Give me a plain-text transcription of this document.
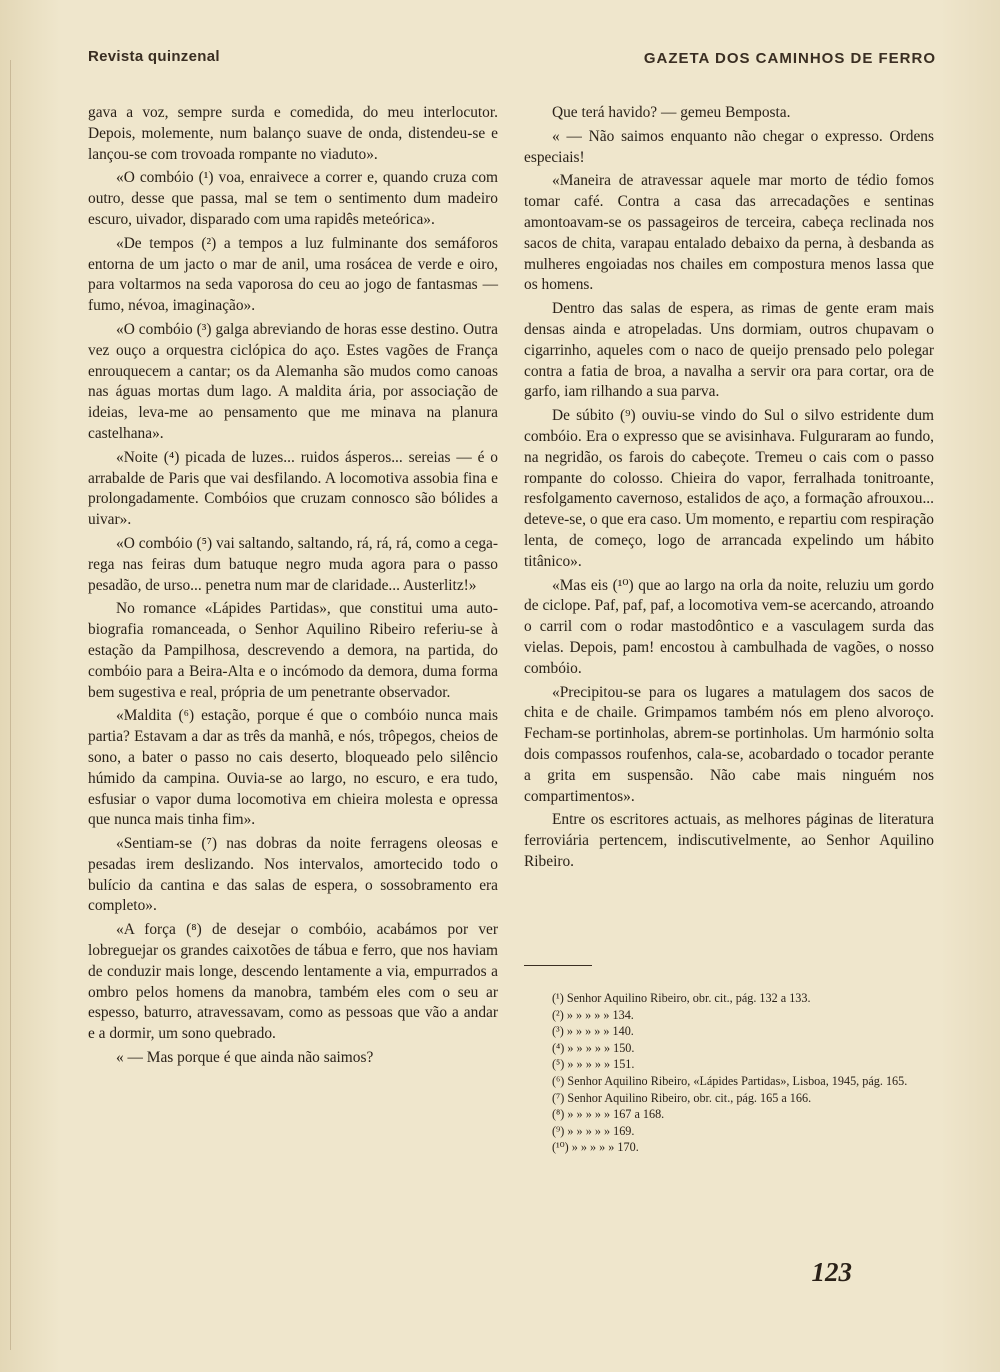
Revista quinzenal	GAZETA DOS CAMINHOS DE FERRO

gava a voz, sempre surda e comedida, do meu interlocutor. Depois, molemente, num balanço suave de onda, distendeu-se e lançou-se com trovoada rompante no viaduto».

«O combóio (¹) voa, enraivece a correr e, quando cruza com outro, desse que passa, mal se tem o sentimento dum madeiro escuro, uivador, disparado com uma rapidês meteórica».

«De tempos (²) a tempos a luz fulminante dos semáforos entorna de um jacto o mar de anil, uma rosácea de verde e oiro, para voltarmos na seda vaporosa do ceu ao jogo de fantasmas — fumo, névoa, imaginação».

«O combóio (³) galga abreviando de horas esse destino. Outra vez ouço a orquestra ciclópica do aço. Estes vagões de França enrouquecem a cantar; os da Alemanha são mudos como canoas nas águas mortas dum lago. A maldita ária, por associação de ideias, leva-me ao pensamento que me minava na planura castelhana».

«Noite (⁴) picada de luzes... ruidos ásperos... sereias — é o arrabalde de Paris que vai desfilando. A locomotiva assobia fina e prolongadamente. Combóios que cruzam connosco são bólides a uivar».

«O combóio (⁵) vai saltando, saltando, rá, rá, rá, como a cega-rega nas feiras dum batuque negro muda agora para o passo pesadão, de urso... penetra num mar de claridade... Austerlitz!»

No romance «Lápides Partidas», que constitui uma auto-biografia romanceada, o Senhor Aquilino Ribeiro referiu-se à estação da Pampilhosa, descrevendo a demora, na partida, do combóio para a Beira-Alta e o incómodo da demora, duma forma bem sugestiva e real, própria de um penetrante observador.

«Maldita (⁶) estação, porque é que o combóio nunca mais partia? Estavam a dar as três da manhã, e nós, trôpegos, cheios de sono, a bater o passo no cais deserto, bloqueado pelo silêncio húmido da campina. Ouvia-se ao largo, no escuro, e era tudo, esfusiar o vapor duma locomotiva em chieira molesta e opressa que nunca mais tinha fim».

«Sentiam-se (⁷) nas dobras da noite ferragens oleosas e pesadas irem deslizando. Nos intervalos, amortecido todo o bulício da cantina e das salas de espera, o sossobramento era completo».

«A força (⁸) de desejar o combóio, acabámos por ver lobreguejar os grandes caixotões de tábua e ferro, que nos haviam de conduzir mais longe, descendo lentamente a via, empurrados a ombro pelos homens da manobra, também eles com o seu ar espesso, baturro, atravessavam, como as pessoas que vão a andar e a dormir, um sono quebrado.

« — Mas porque é que ainda não saimos?

Que terá havido? — gemeu Bemposta.

« — Não saimos enquanto não chegar o expresso. Ordens especiais!

«Maneira de atravessar aquele mar morto de tédio fomos tomar café. Contra a casa das arrecadações e sentinas amontoavam-se os passageiros de terceira, cabeça reclinada nos sacos de chita, varapau entalado debaixo da perna, à desbanda as mulheres engoiadas nos chailes em compostura menos lassa que os homens.

Dentro das salas de espera, as rimas de gente eram mais densas ainda e atropeladas. Uns dormiam, outros chupavam o cigarrinho, aqueles com o naco de queijo prensado pelo polegar contra a fatia de broa, a navalha a servir ora para cortar, ora de garfo, iam rilhando a sua parva.

De súbito (⁹) ouviu-se vindo do Sul o silvo estridente dum combóio. Era o expresso que se avisinhava. Fulguraram ao fundo, na negridão, os farois do cabeçote. Tremeu o cais com o passo rompante do colosso. Chieira do vapor, ferralhada tonitroante, resfolgamento cavernoso, estalidos de aço, a formação afrouxou... deteve-se, o que era caso. Um momento, e repartiu com respiração lenta, de começo, logo de arrancada expelindo um hábito titânico».

«Mas eis (¹⁰) que ao largo na orla da noite, reluziu um gordo de ciclope. Paf, paf, paf, a locomotiva vem-se acercando, atroando o carril com o rodar mastodôntico e a vasculagem surda das vielas. Depois, pam! encostou à cambulhada de vagões, o nosso combóio.

«Precipitou-se para os lugares a matulagem dos sacos de chita e de chaile. Grimpamos também nós em pleno alvoroço. Fecham-se portinholas, abrem-se portinholas. Um harmónio solta dois compassos roufenhos, cala-se, acobardado o tocador perante a grita em suspensão. Não cabe mais ninguém nos compartimentos».

Entre os escritores actuais, as melhores páginas de literatura ferroviária pertencem, indiscutivelmente, ao Senhor Aquilino Ribeiro.

(¹) Senhor Aquilino Ribeiro, obr. cit., pág. 132 a 133.

(²) » » » » » 134.

(³) » » » » » 140.

(⁴) » » » » » 150.

(⁵) » » » » » 151.

(⁶) Senhor Aquilino Ribeiro, «Lápides Partidas», Lisboa, 1945, pág. 165.

(⁷) Senhor Aquilino Ribeiro, obr. cit., pág. 165 a 166.

(⁸) » » » » » 167 a 168.

(⁹) » » » » » 169.

(¹⁰) » » » » » 170.

123
